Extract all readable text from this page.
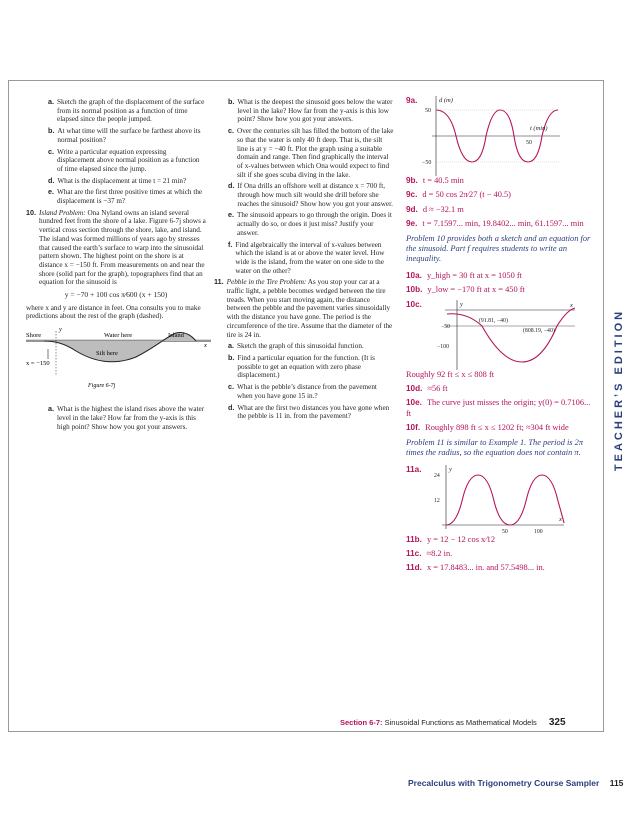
a. Sketch the graph of the displacement of the surface from its normal position as a function of time elapsed since the people jumped.
b. At what time will the surface be farthest above its normal position?
c. Write a particular equation expressing displacement above normal position as a function of time elapsed since the jump.
d. What is the displacement at time t = 21 min?
e. What are the first three positive times at which the displacement is −37 m?
10. Island Problem: Ona Nyland owns an island several hundred feet from the shore of a lake. Figure 6-7j shows a vertical cross section through the shore, lake, and island. The island was formed millions of years ago by stresses that caused the earth’s surface to warp into the sinusoidal pattern shown. The highest point on the shore is at distance x = −150 ft. From measurements on and near the shore (solid part for the graph), topographers find that an equation for the sinusoid is
y = −70 + 100 cos π⁄600 (x + 150)

where x and y are distance in feet. Ona consults you to make predictions about the rest of the graph (dashed).

Shore	Water here	Island
Silt here
x = −150
y
x
Figure 6-7j
a. What is the highest the island rises above the water level in the lake? How far from the y-axis is this high point? Show how you got your answers.
b. What is the deepest the sinusoid goes below the water level in the lake? How far from the y-axis is this low point? Show how you got your answers.
c. Over the centuries silt has filled the bottom of the lake so that the water is only 40 ft deep. That is, the silt line is at y = −40 ft. Plot the graph using a suitable domain and range. Then find graphically the interval of x-values between which Ona would expect to find silt if she goes scuba diving in the lake.
d. If Ona drills an offshore well at distance x = 700 ft, through how much silt would she drill before she reaches the sinusoid? Show how you got your answer.
e. The sinusoid appears to go through the origin. Does it actually do so, or does it just miss? Justify your answer.
f. Find algebraically the interval of x-values between which the island is at or above the water level. How wide is the island, from the water on one side to the water on the other?
11. Pebble in the Tire Problem: As you stop your car at a traffic light, a pebble becomes wedged between the tire treads. When you start moving again, the distance between the pebble and the pavement varies sinusoidally with the distance you have gone. The period is the circumference of the tire. Assume that the diameter of the tire is 24 in.
a. Sketch the graph of this sinusoidal function.
b. Find a particular equation for the function. (It is possible to get an equation with zero phase displacement.)
c. What is the pebble’s distance from the pavement when you have gone 15 in.?
d. What are the first two distances you have gone when the pebble is 11 in. from the pavement?
9a.	d (m)
t (min)
50
−50
50
9b. t = 40.5 min
9c. d = 50 cos 2π⁄27 (t − 40.5)
9d. d ≈ −32.1 m
9e. t = 7.1597... min, 19.8402... min, 61.1597... min
Problem 10 provides both a sketch and an equation for the sinusoid. Part f requires students to write an inequality.
10a. y_high = 30 ft at x = 1050 ft
10b. y_low = −170 ft at x = 450 ft
10c.	y	x
(91.81, −40)
(808.19, −40)
−50
−100
Roughly 92 ft ≤ x ≤ 808 ft
10d. ≈56 ft
10e. The curve just misses the origin; y(0) = 0.7106... ft
10f. Roughly 898 ft ≤ x ≤ 1202 ft; ≈304 ft wide
Problem 11 is similar to Example 1. The period is 2π times the radius, so the equation does not contain π.
11a.	y
x
24
12
50	100
11b. y = 12 − 12 cos x⁄12
11c. ≈8.2 in.
11d. x = 17.8483... in. and 57.5498... in.
TEACHER’S EDITION
Section 6-7: Sinusoidal Functions as Mathematical Models 325
Precalculus with Trigonometry Course Sampler 115
